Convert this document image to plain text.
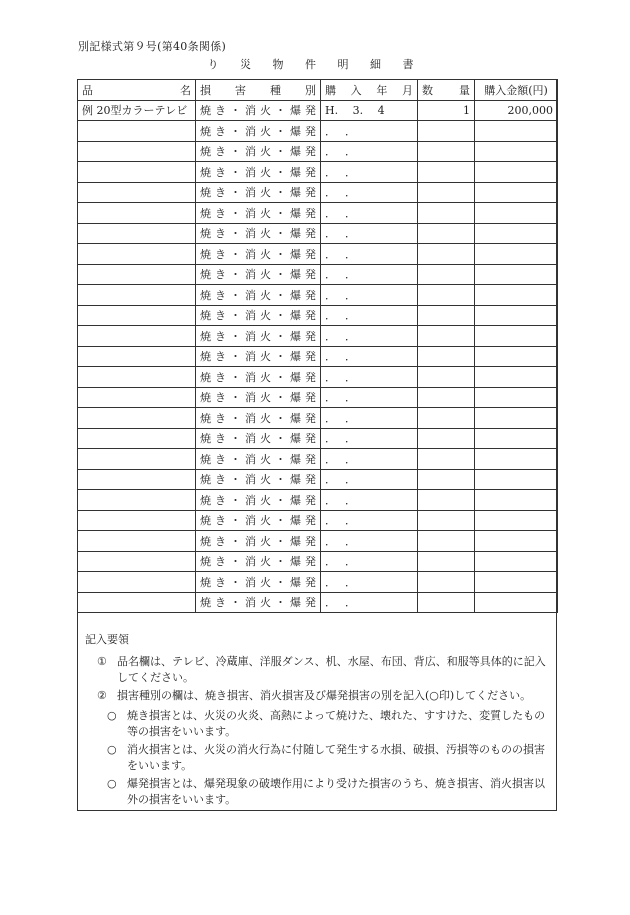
別記様式第９号(第40条関係)
り 災 物 件 明 細 書
品名	損害種別	購入年月	数量	購入金額(円)
例 20型カラーテレビ	焼き・消火・爆発	H.　 3.　 4	1	200,000
	焼き・消火・爆発	．　 ．		
	焼き・消火・爆発	．　 ．		
	焼き・消火・爆発	．　 ．		
	焼き・消火・爆発	．　 ．		
	焼き・消火・爆発	．　 ．		
	焼き・消火・爆発	．　 ．		
	焼き・消火・爆発	．　 ．		
	焼き・消火・爆発	．　 ．		
	焼き・消火・爆発	．　 ．		
	焼き・消火・爆発	．　 ．		
	焼き・消火・爆発	．　 ．		
	焼き・消火・爆発	．　 ．		
	焼き・消火・爆発	．　 ．		
	焼き・消火・爆発	．　 ．		
	焼き・消火・爆発	．　 ．		
	焼き・消火・爆発	．　 ．		
	焼き・消火・爆発	．　 ．		
	焼き・消火・爆発	．　 ．		
	焼き・消火・爆発	．　 ．		
	焼き・消火・爆発	．　 ．		
	焼き・消火・爆発	．　 ．		
	焼き・消火・爆発	．　 ．		
	焼き・消火・爆発	．　 ．		
	焼き・消火・爆発	．　 ．		
記入要領
① 品名欄は、テレビ、冷蔵庫、洋服ダンス、机、水屋、布団、背広、和服等具体的に記入
してください。
② 損害種別の欄は、焼き損害、消火損害及び爆発損害の別を記入(○印)してください。
○ 焼き損害とは、火災の火炎、高熱によって焼けた、壊れた、すすけた、変質したもの
等の損害をいいます。
○ 消火損害とは、火災の消火行為に付随して発生する水損、破損、汚損等のものの損害
をいいます。
○ 爆発損害とは、爆発現象の破壊作用により受けた損害のうち、焼き損害、消火損害以
外の損害をいいます。
